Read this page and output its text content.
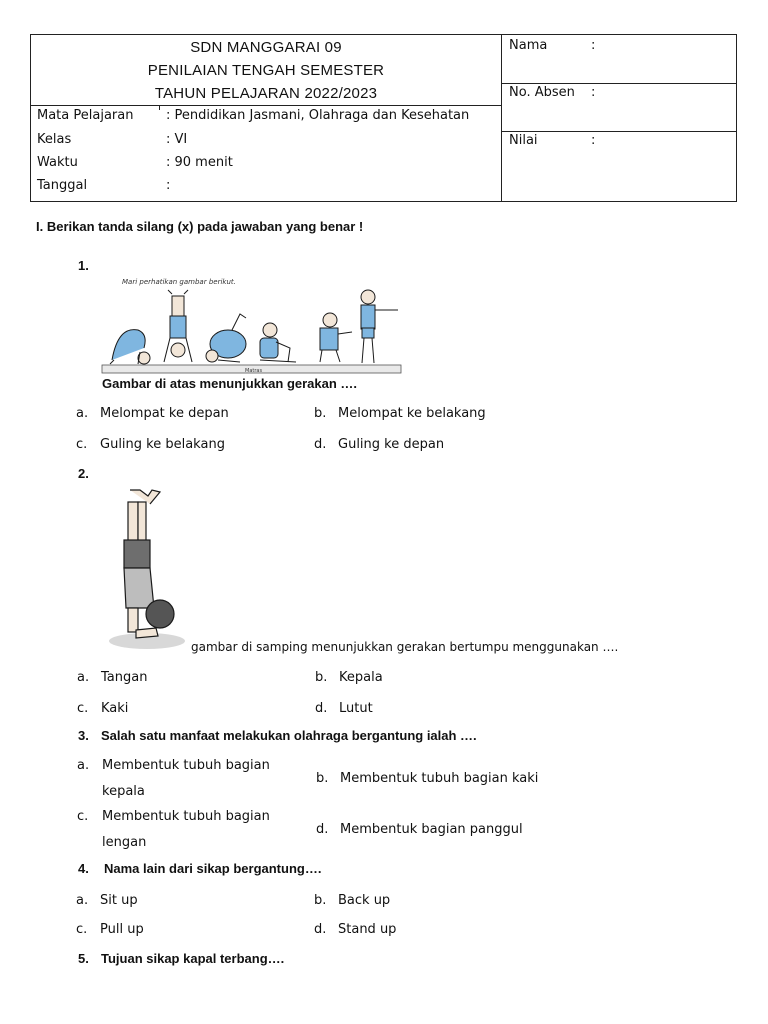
SDN MANGGARAI 09
PENILAIAN TENGAH SEMESTER
TAHUN PELAJARAN 2022/2023
Mata Pelajaran	: Pendidikan Jasmani, Olahraga dan Kesehatan
Kelas	: VI
Waktu	: 90 menit
Tanggal	:
Nama	:
No. Absen :
Nilai	:
I. Berikan tanda silang (x) pada jawaban yang benar !
1.
Mari perhatikan gambar berikut.
Matras
Gambar di atas menunjukkan gerakan ….
a. Melompat ke depan	b. Melompat ke belakang
c. Guling ke belakang	d. Guling ke depan
2.
gambar di samping menunjukkan gerakan bertumpu menggunakan ….
a. Tangan	b. Kepala
c. Kaki	d. Lutut
3. Salah satu manfaat melakukan olahraga bergantung ialah ….
a. Membentuk tubuh bagian kepala
b. Membentuk tubuh bagian kaki
c. Membentuk tubuh bagian lengan
d. Membentuk bagian panggul
4. Nama lain dari sikap bergantung….
a. Sit up	b. Back up
c. Pull up	d. Stand up
5. Tujuan sikap kapal terbang….
